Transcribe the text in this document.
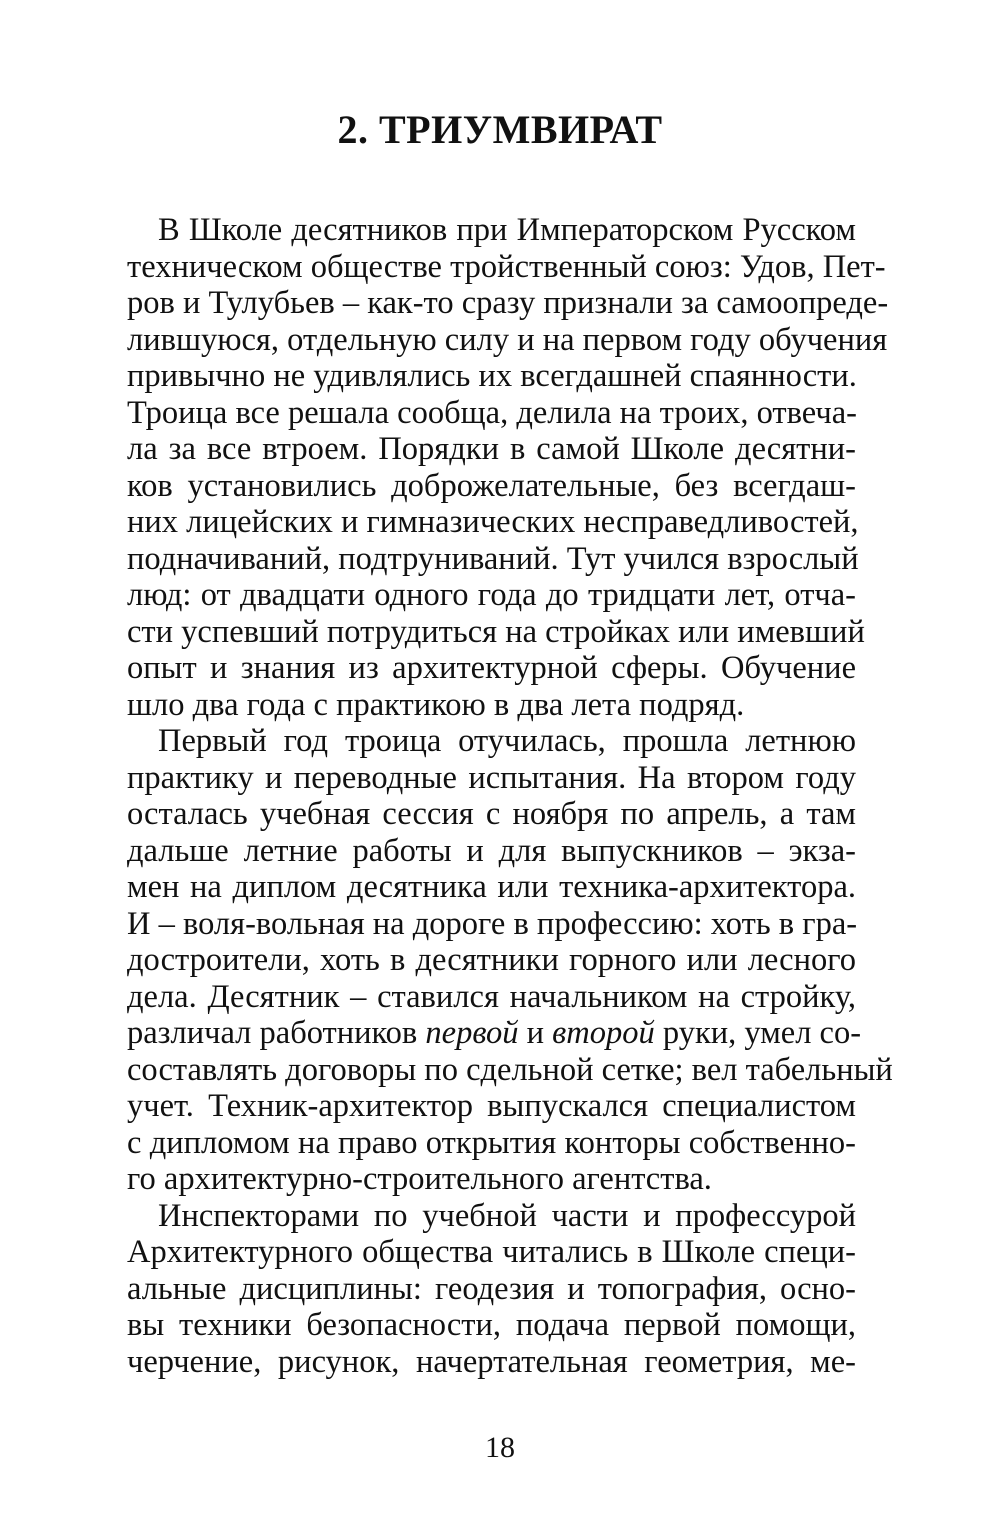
2. ТРИУМВИРАТ

В Школе десятников при Императорском Русском
техническом обществе тройственный союз: Удов, Пет-
ров и Тулубьев – как-то сразу признали за самоопреде-
лившуюся, отдельную силу и на первом году обучения
привычно не удивлялись их всегдашней спаянности.
Троица все решала сообща, делила на троих, отвеча-
ла за все втроем. Порядки в самой Школе десятни-
ков установились доброжелательные, без всегдаш-
них лицейских и гимназических несправедливостей,
подначиваний, подтруниваний. Тут учился взрослый
люд: от двадцати одного года до тридцати лет, отча-
сти успевший потрудиться на стройках или имевший
опыт и знания из архитектурной сферы. Обучение
шло два года с практикою в два лета подряд.

Первый год троица отучилась, прошла летнюю
практику и переводные испытания. На втором году
осталась учебная сессия с ноября по апрель, а там
дальше летние работы и для выпускников – экза-
мен на диплом десятника или техника-архитектора.
И – воля-вольная на дороге в профессию: хоть в гра-
достроители, хоть в десятники горного или лесного
дела. Десятник – ставился начальником на стройку,
различал работников первой и второй руки, умел со-
составлять договоры по сдельной сетке; вел табельный
учет. Техник-архитектор выпускался специалистом
с дипломом на право открытия конторы собственно-
го архитектурно-строительного агентства.

Инспекторами по учебной части и профессурой
Архитектурного общества читались в Школе специ-
альные дисциплины: геодезия и топография, осно-
вы техники безопасности, подача первой помощи,
черчение, рисунок, начертательная геометрия, ме-

18
